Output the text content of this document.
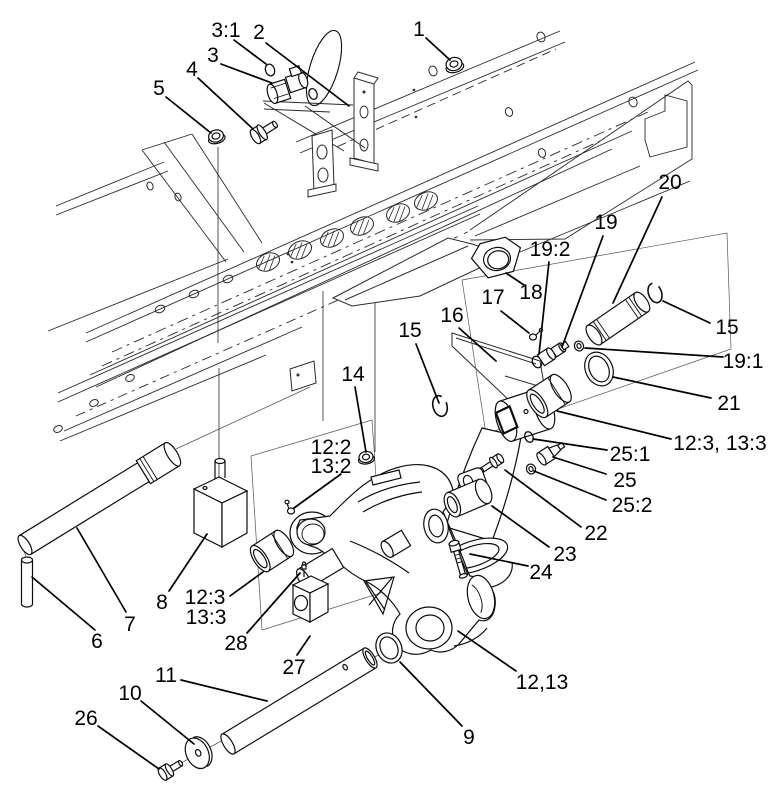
1
2
3:1
3
4
5
6
7
8
9
10
11
26
27
28
12,13
12:3
13:3
12:2
13:2
14
15
16
17 18
19:2
19
20
15
19:1
21
12:3, 13:3
25:1
25
25:2
22
23
24
